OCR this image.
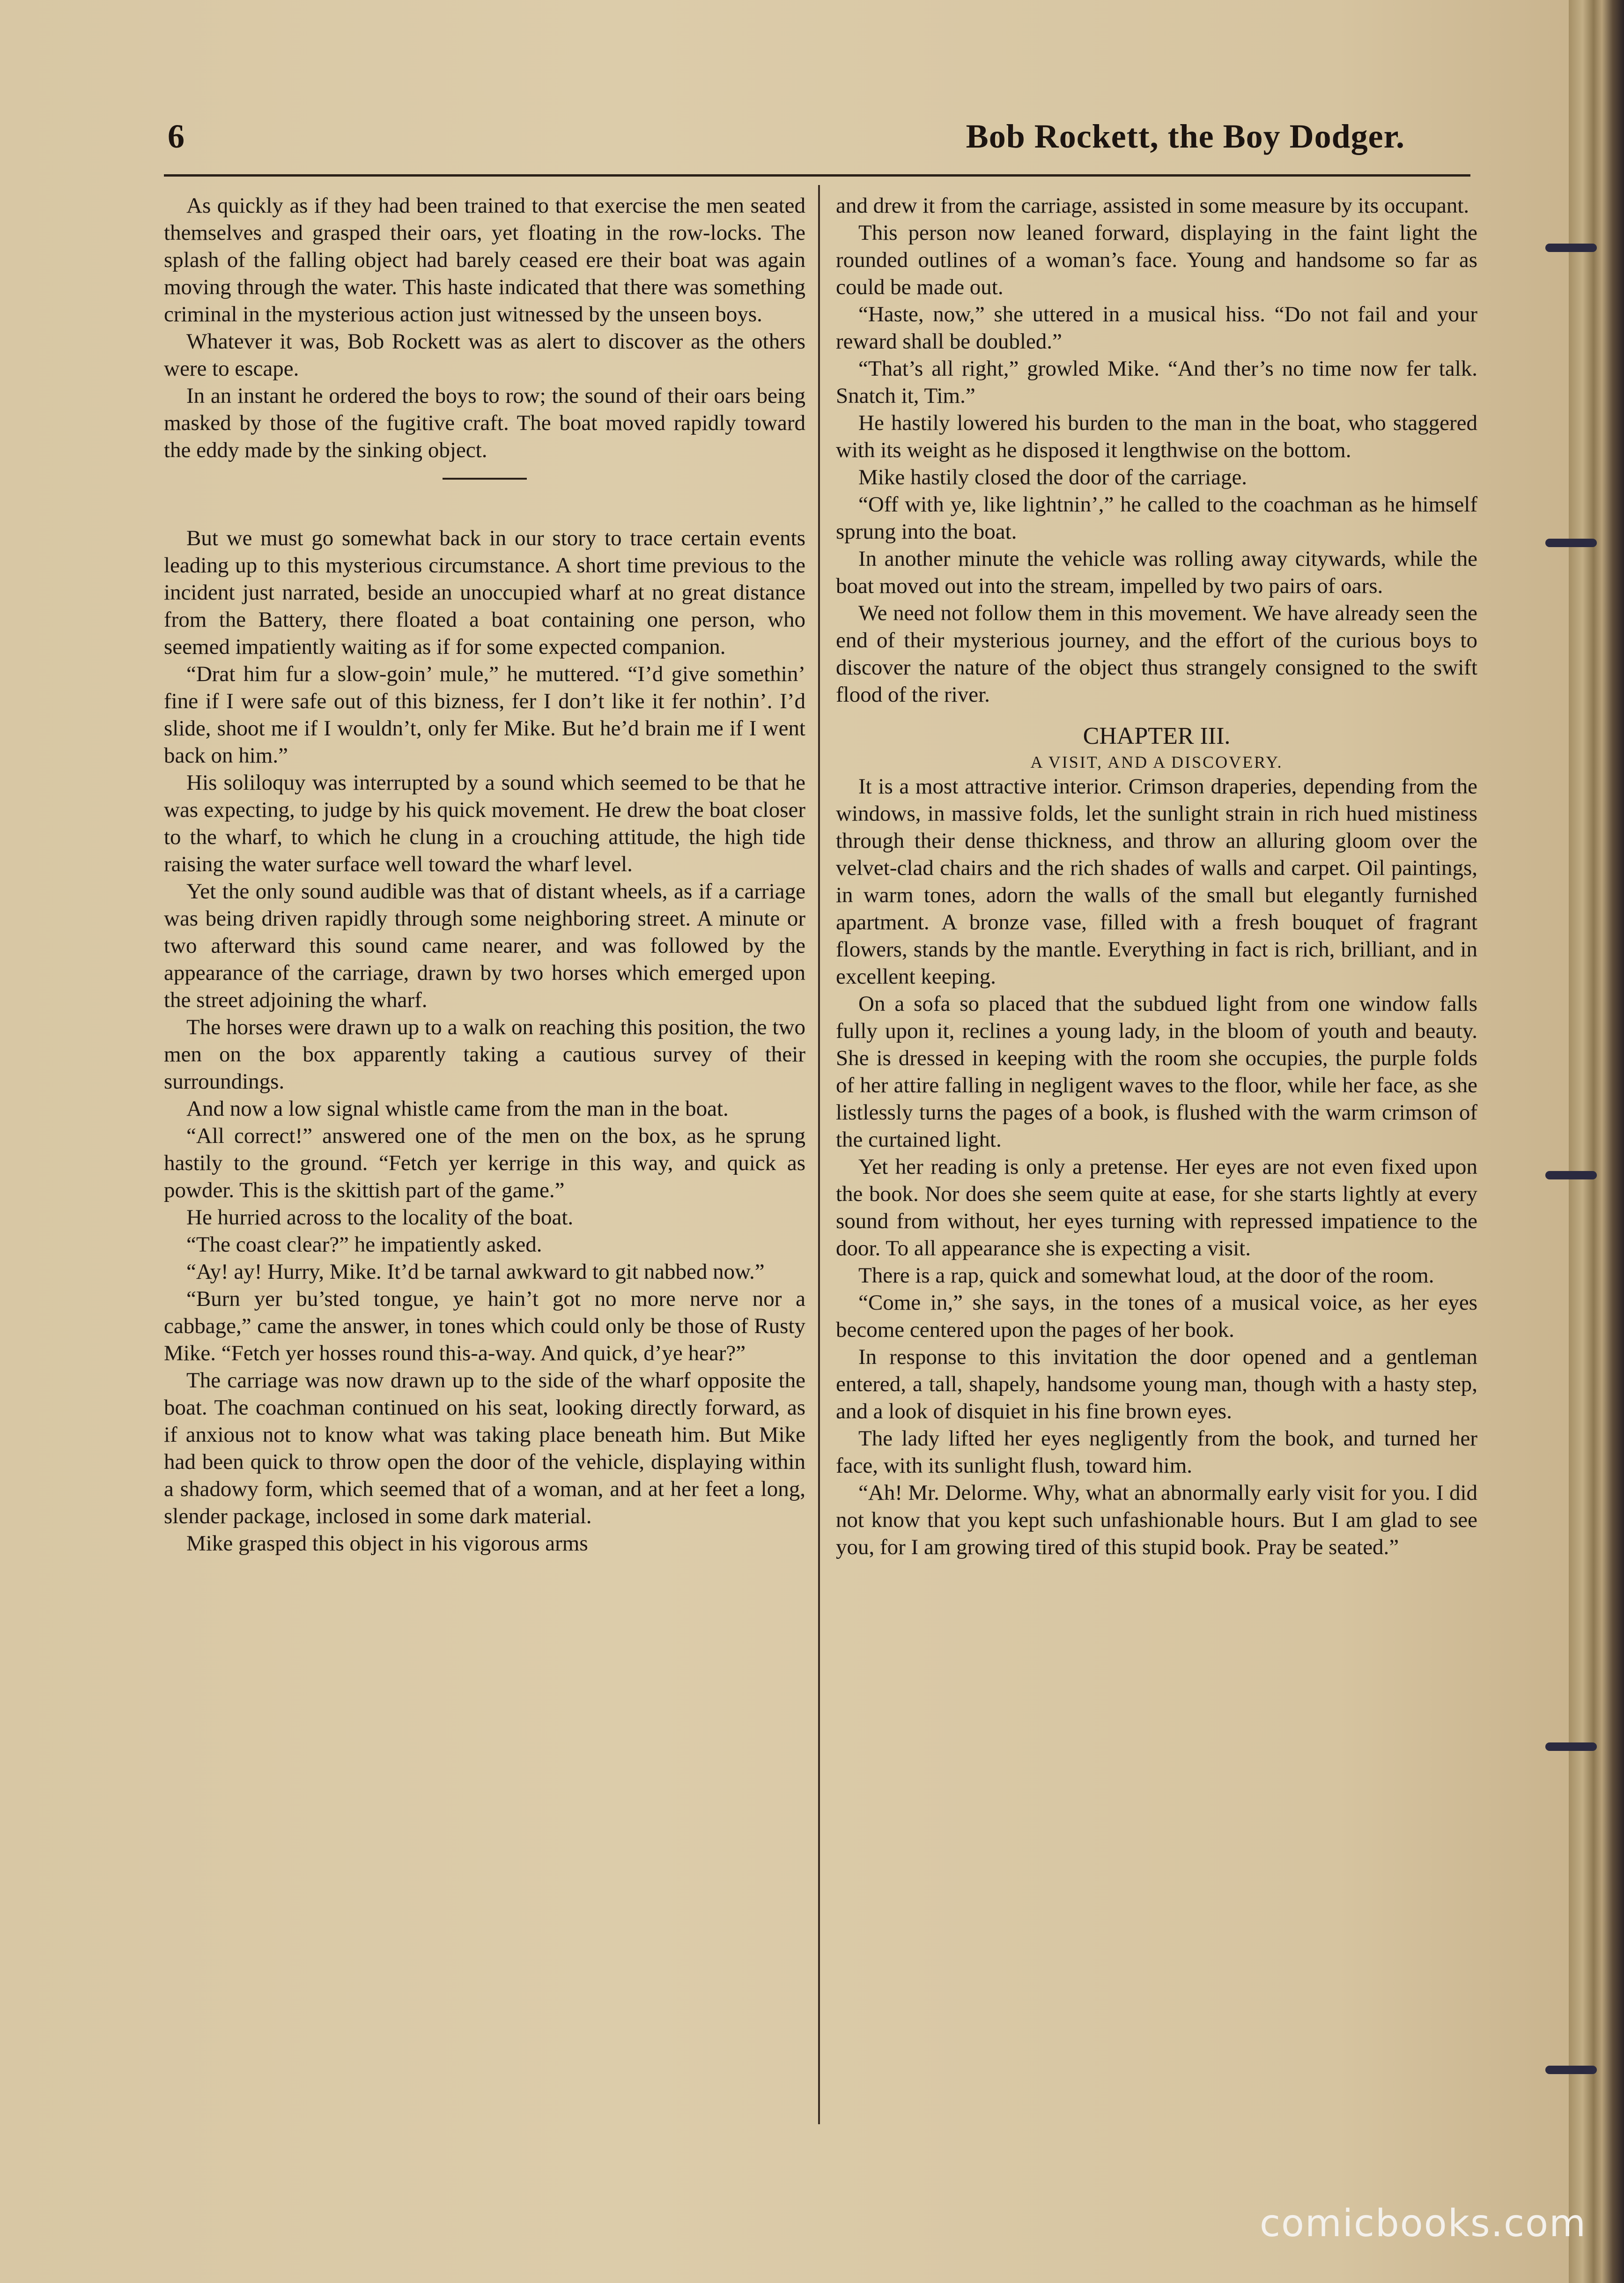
6	Bob Rockett, the Boy Dodger.

As quickly as if they had been trained to that exercise the men seated themselves and grasped their oars, yet floating in the row-locks. The splash of the falling object had barely ceased ere their boat was again moving through the water. This haste indicated that there was something criminal in the mysterious action just witnessed by the unseen boys.

Whatever it was, Bob Rockett was as alert to discover as the others were to escape.

In an instant he ordered the boys to row; the sound of their oars being masked by those of the fugitive craft. The boat moved rapidly toward the eddy made by the sinking object.

But we must go somewhat back in our story to trace certain events leading up to this mysterious circumstance. A short time previous to the incident just narrated, beside an unoccupied wharf at no great distance from the Battery, there floated a boat containing one person, who seemed impatiently waiting as if for some expected companion.

“Drat him fur a slow-goin’ mule,” he muttered. “I’d give somethin’ fine if I were safe out of this bizness, fer I don’t like it fer nothin’. I’d slide, shoot me if I wouldn’t, only fer Mike. But he’d brain me if I went back on him.”

His soliloquy was interrupted by a sound which seemed to be that he was expecting, to judge by his quick movement. He drew the boat closer to the wharf, to which he clung in a crouching attitude, the high tide raising the water surface well toward the wharf level.

Yet the only sound audible was that of distant wheels, as if a carriage was being driven rapidly through some neighboring street. A minute or two afterward this sound came nearer, and was followed by the appearance of the carriage, drawn by two horses which emerged upon the street adjoining the wharf.

The horses were drawn up to a walk on reaching this position, the two men on the box apparently taking a cautious survey of their surroundings.

And now a low signal whistle came from the man in the boat.

“All correct!” answered one of the men on the box, as he sprung hastily to the ground. “Fetch yer kerrige in this way, and quick as powder. This is the skittish part of the game.”

He hurried across to the locality of the boat.

“The coast clear?” he impatiently asked.

“Ay! ay! Hurry, Mike. It’d be tarnal awkward to git nabbed now.”

“Burn yer bu’sted tongue, ye hain’t got no more nerve nor a cabbage,” came the answer, in tones which could only be those of Rusty Mike. “Fetch yer hosses round this-a-way. And quick, d’ye hear?”

The carriage was now drawn up to the side of the wharf opposite the boat. The coachman continued on his seat, looking directly forward, as if anxious not to know what was taking place beneath him. But Mike had been quick to throw open the door of the vehicle, displaying within a shadowy form, which seemed that of a woman, and at her feet a long, slender package, inclosed in some dark material.

Mike grasped this object in his vigorous arms

and drew it from the carriage, assisted in some measure by its occupant.

This person now leaned forward, displaying in the faint light the rounded outlines of a woman’s face. Young and handsome so far as could be made out.

“Haste, now,” she uttered in a musical hiss. “Do not fail and your reward shall be doubled.”

“That’s all right,” growled Mike. “And ther’s no time now fer talk. Snatch it, Tim.”

He hastily lowered his burden to the man in the boat, who staggered with its weight as he disposed it lengthwise on the bottom.

Mike hastily closed the door of the carriage.

“Off with ye, like lightnin’,” he called to the coachman as he himself sprung into the boat.

In another minute the vehicle was rolling away citywards, while the boat moved out into the stream, impelled by two pairs of oars.

We need not follow them in this movement. We have already seen the end of their mysterious journey, and the effort of the curious boys to discover the nature of the object thus strangely consigned to the swift flood of the river.

CHAPTER III.
A VISIT, AND A DISCOVERY.

It is a most attractive interior. Crimson draperies, depending from the windows, in massive folds, let the sunlight strain in rich hued mistiness through their dense thickness, and throw an alluring gloom over the velvet-clad chairs and the rich shades of walls and carpet. Oil paintings, in warm tones, adorn the walls of the small but elegantly furnished apartment. A bronze vase, filled with a fresh bouquet of fragrant flowers, stands by the mantle. Everything in fact is rich, brilliant, and in excellent keeping.

On a sofa so placed that the subdued light from one window falls fully upon it, reclines a young lady, in the bloom of youth and beauty. She is dressed in keeping with the room she occupies, the purple folds of her attire falling in negligent waves to the floor, while her face, as she listlessly turns the pages of a book, is flushed with the warm crimson of the curtained light.

Yet her reading is only a pretense. Her eyes are not even fixed upon the book. Nor does she seem quite at ease, for she starts lightly at every sound from without, her eyes turning with repressed impatience to the door. To all appearance she is expecting a visit.

There is a rap, quick and somewhat loud, at the door of the room.

“Come in,” she says, in the tones of a musical voice, as her eyes become centered upon the pages of her book.

In response to this invitation the door opened and a gentleman entered, a tall, shapely, handsome young man, though with a hasty step, and a look of disquiet in his fine brown eyes.

The lady lifted her eyes negligently from the book, and turned her face, with its sunlight flush, toward him.

“Ah! Mr. Delorme. Why, what an abnormally early visit for you. I did not know that you kept such unfashionable hours. But I am glad to see you, for I am growing tired of this stupid book. Pray be seated.”

comicbooks.com
